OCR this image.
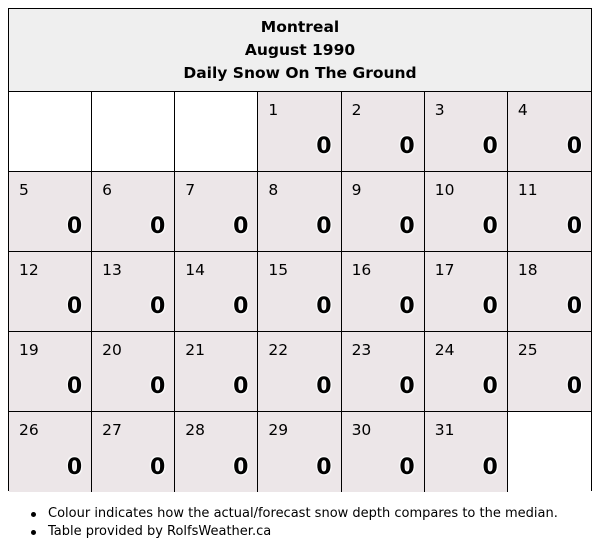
Montreal
August 1990
Daily Snow On The Ground
1
0
2
0
3
0
4
0
5
0
6
0
7
0
8
0
9
0
10
0
11
0
12
0
13
0
14
0
15
0
16
0
17
0
18
0
19
0
20
0
21
0
22
0
23
0
24
0
25
0
26
0
27
0
28
0
29
0
30
0
31
0
Colour indicates how the actual/forecast snow depth compares to the median.
Table provided by RolfsWeather.ca
